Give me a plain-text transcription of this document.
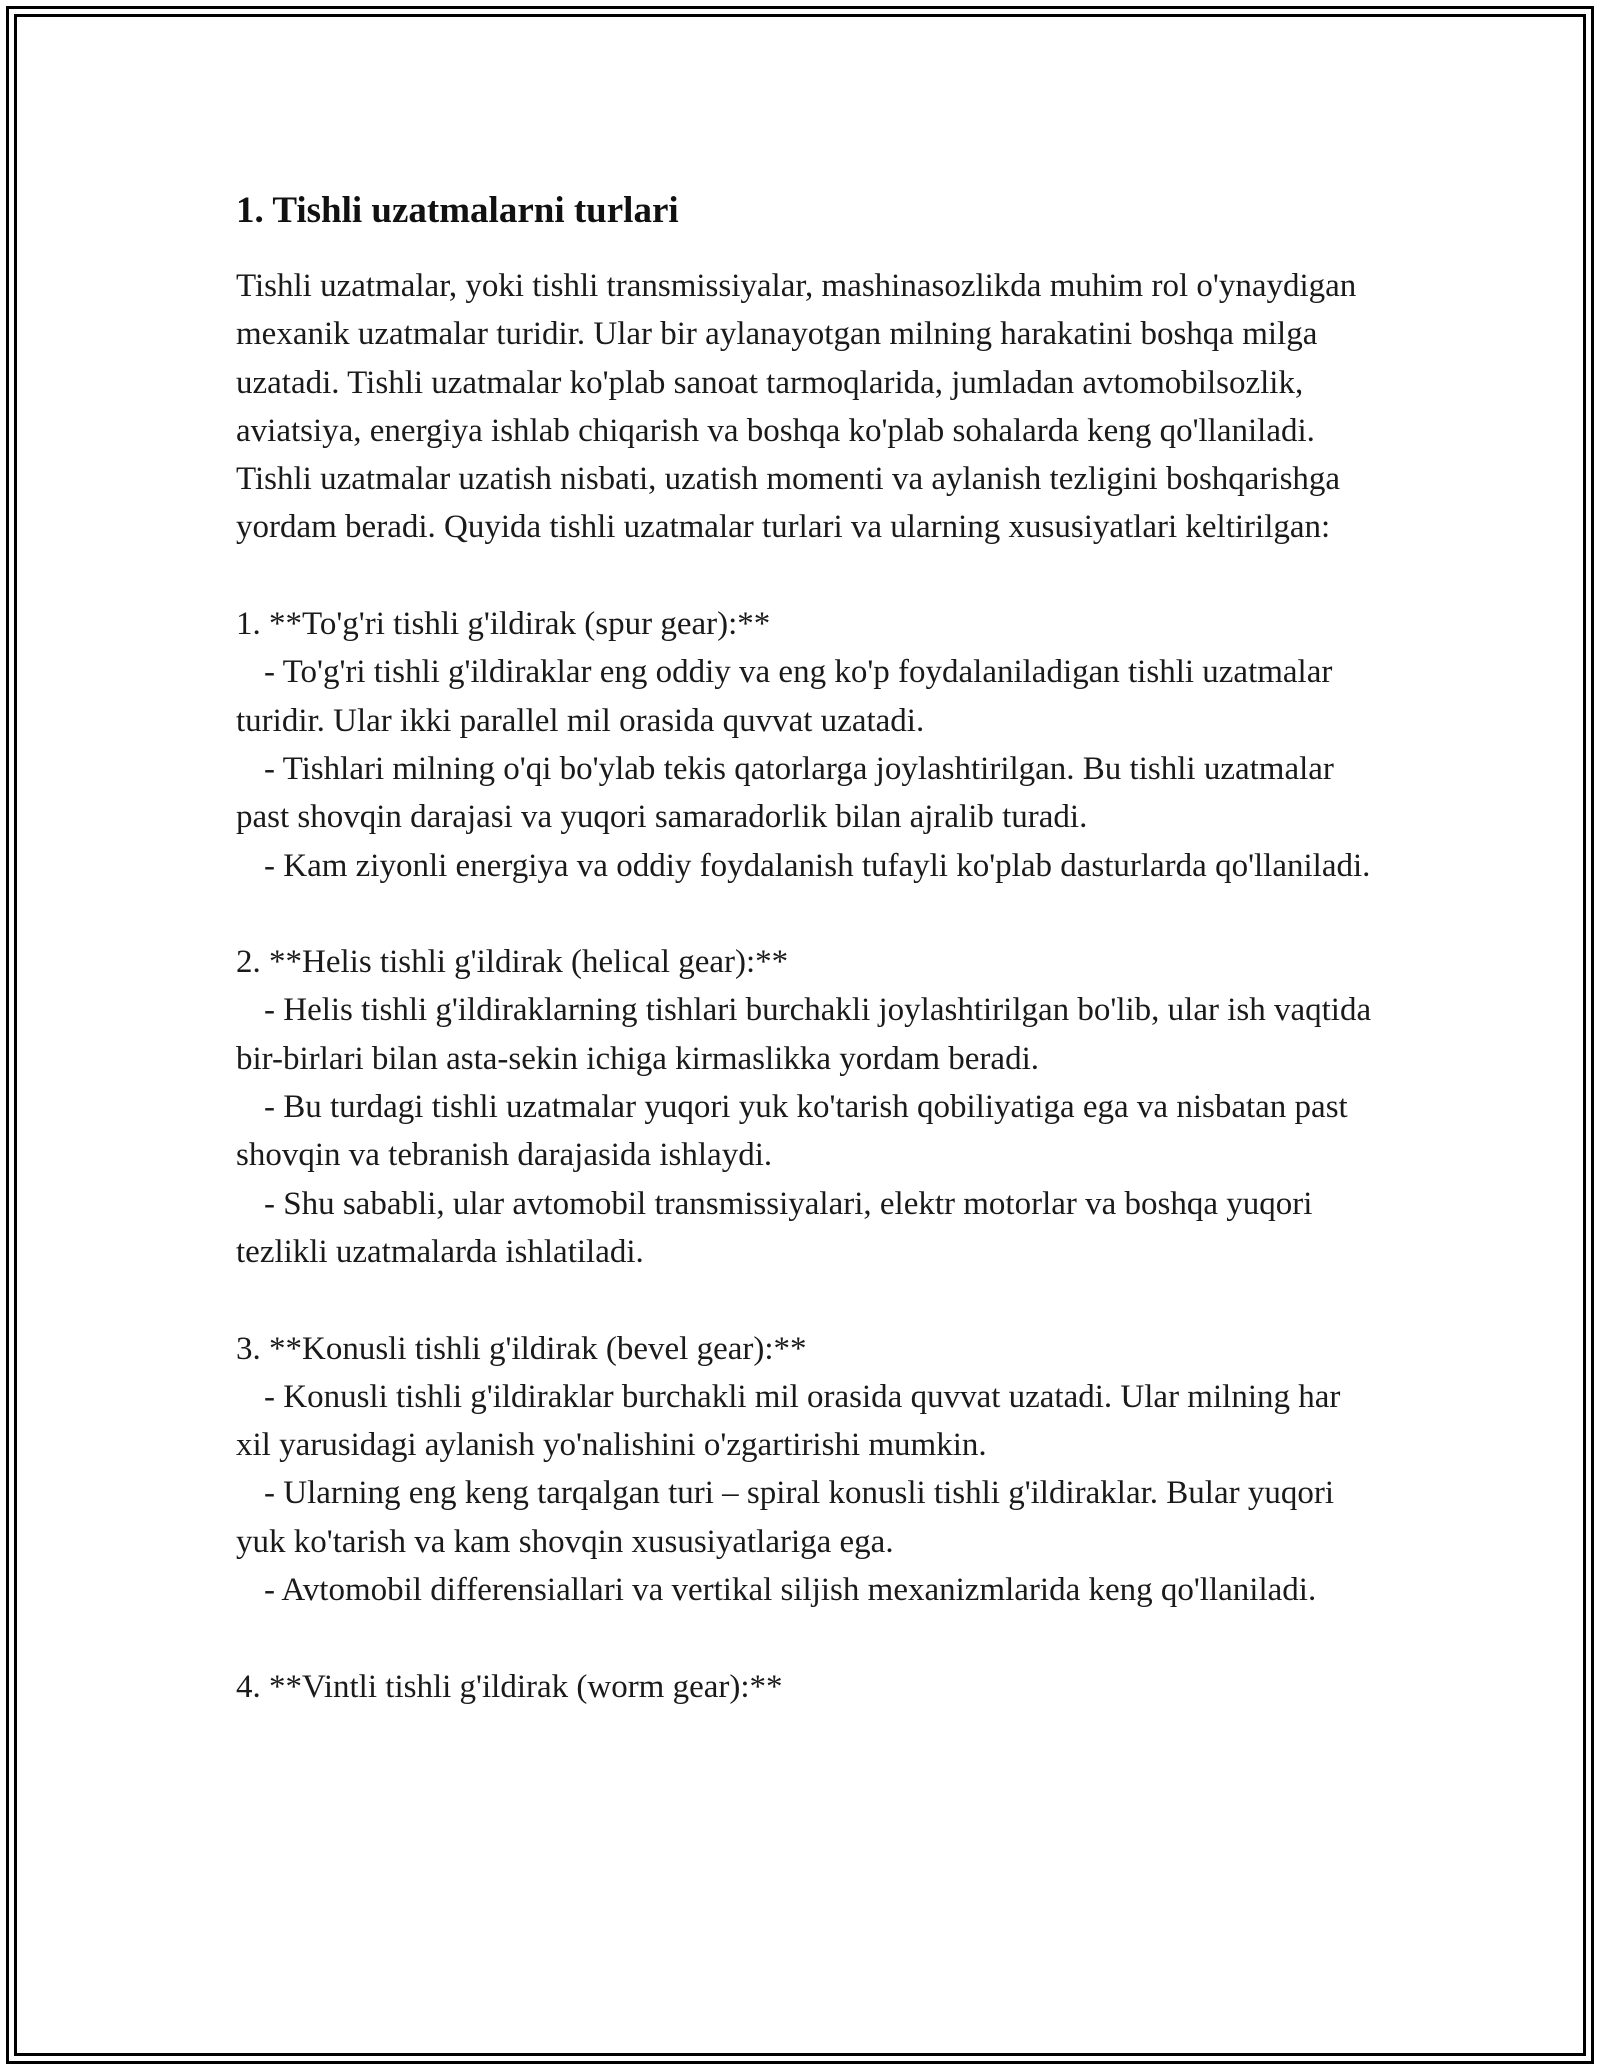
1. Tishli uzatmalarni turlari

Tishli uzatmalar, yoki tishli transmissiyalar, mashinasozlikda muhim rol o'ynaydigan mexanik uzatmalar turidir. Ular bir aylanayotgan milning harakatini boshqa milga uzatadi. Tishli uzatmalar ko'plab sanoat tarmoqlarida, jumladan avtomobilsozlik, aviatsiya, energiya ishlab chiqarish va boshqa ko'plab sohalarda keng qo'llaniladi. Tishli uzatmalar uzatish nisbati, uzatish momenti va aylanish tezligini boshqarishga yordam beradi. Quyida tishli uzatmalar turlari va ularning xususiyatlari keltirilgan:

1. **To'g'ri tishli g'ildirak (spur gear):**

- To'g'ri tishli g'ildiraklar eng oddiy va eng ko'p foydalaniladigan tishli uzatmalar turidir. Ular ikki parallel mil orasida quvvat uzatadi.

- Tishlari milning o'qi bo'ylab tekis qatorlarga joylashtirilgan. Bu tishli uzatmalar past shovqin darajasi va yuqori samaradorlik bilan ajralib turadi.

- Kam ziyonli energiya va oddiy foydalanish tufayli ko'plab dasturlarda qo'llaniladi.

2. **Helis tishli g'ildirak (helical gear):**

- Helis tishli g'ildiraklarning tishlari burchakli joylashtirilgan bo'lib, ular ish vaqtida bir-birlari bilan asta-sekin ichiga kirmaslikka yordam beradi.

- Bu turdagi tishli uzatmalar yuqori yuk ko'tarish qobiliyatiga ega va nisbatan past shovqin va tebranish darajasida ishlaydi.

- Shu sababli, ular avtomobil transmissiyalari, elektr motorlar va boshqa yuqori tezlikli uzatmalarda ishlatiladi.

3. **Konusli tishli g'ildirak (bevel gear):**

- Konusli tishli g'ildiraklar burchakli mil orasida quvvat uzatadi. Ular milning har xil yarusidagi aylanish yo'nalishini o'zgartirishi mumkin.

- Ularning eng keng tarqalgan turi – spiral konusli tishli g'ildiraklar. Bular yuqori yuk ko'tarish va kam shovqin xususiyatlariga ega.

- Avtomobil differensiallari va vertikal siljish mexanizmlarida keng qo'llaniladi.

4. **Vintli tishli g'ildirak (worm gear):**
